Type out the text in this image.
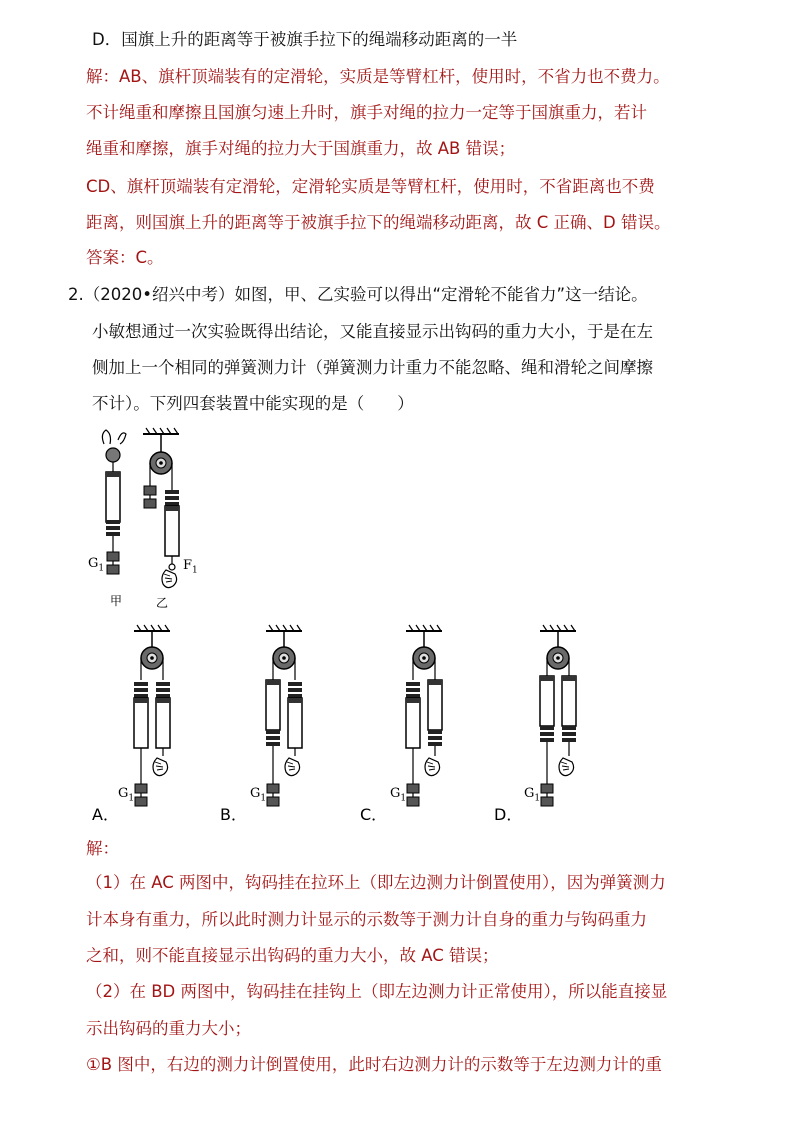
D．国旗上升的距离等于被旗手拉下的绳端移动距离的一半
解：AB、旗杆顶端装有的定滑轮，实质是等臂杠杆，使用时，不省力也不费力。
不计绳重和摩擦且国旗匀速上升时，旗手对绳的拉力一定等于国旗重力，若计
绳重和摩擦，旗手对绳的拉力大于国旗重力，故 AB 错误；
CD、旗杆顶端装有定滑轮，定滑轮实质是等臂杠杆，使用时，不省距离也不费
距离，则国旗上升的距离等于被旗手拉下的绳端移动距离，故 C 正确、D 错误。
答案：C。
2.（2020•绍兴中考）如图，甲、乙实验可以得出“定滑轮不能省力”这一结论。
小敏想通过一次实验既得出结论，又能直接显示出钩码的重力大小，于是在左
侧加上一个相同的弹簧测力计（弹簧测力计重力不能忽略、绳和滑轮之间摩擦
不计）。下列四套装置中能实现的是（　　）
$G_1$	$F_1$
甲	乙
$G_1$	$G_1$	$G_1$	$G_1$
A．	B．	C．	D．
解：
（1）在 AC 两图中，钩码挂在拉环上（即左边测力计倒置使用），因为弹簧测力
计本身有重力，所以此时测力计显示的示数等于测力计自身的重力与钩码重力
之和，则不能直接显示出钩码的重力大小，故 AC 错误；
（2）在 BD 两图中，钩码挂在挂钩上（即左边测力计正常使用），所以能直接显
示出钩码的重力大小；
①B 图中，右边的测力计倒置使用，此时右边测力计的示数等于左边测力计的重
